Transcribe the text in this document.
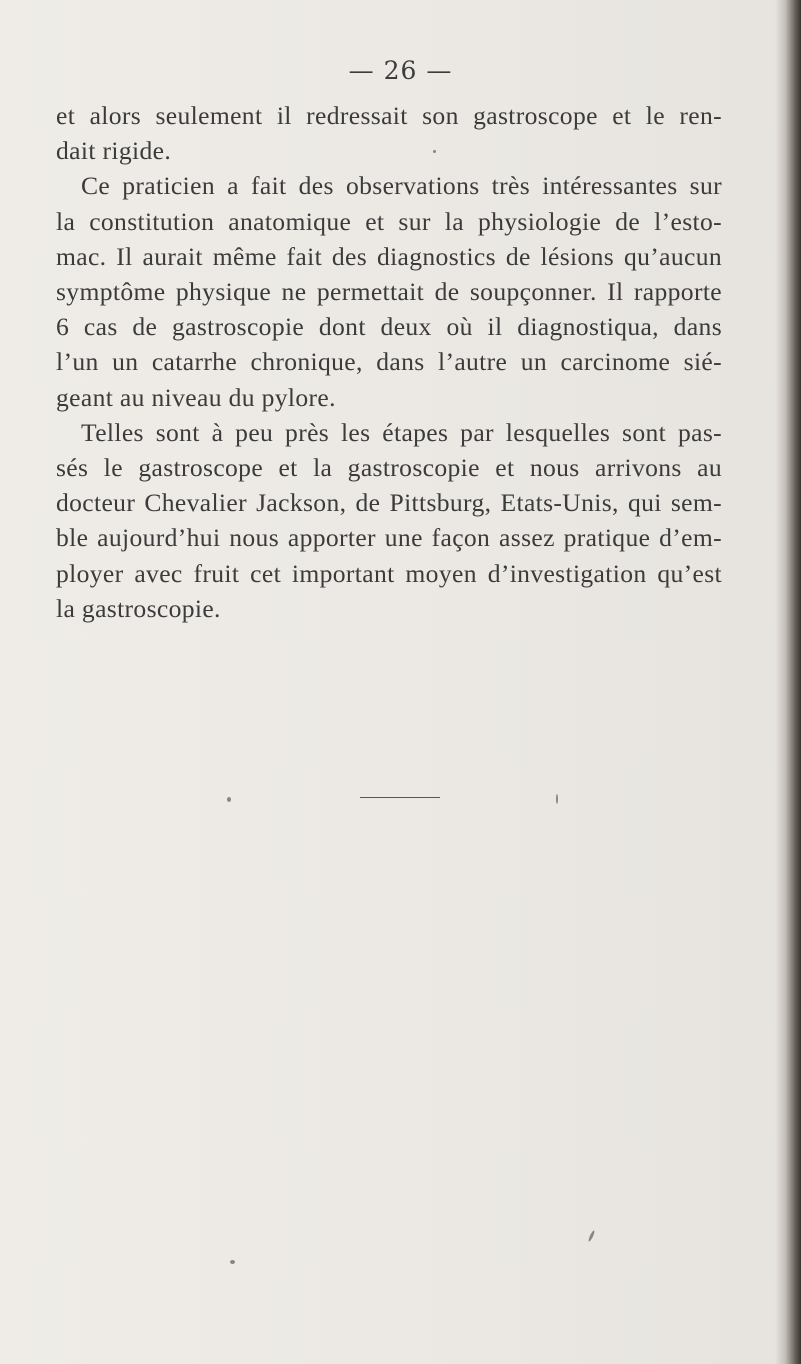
— 26 —
et alors seulement il redressait son gastroscope et le ren-
dait rigide.
Ce praticien a fait des observations très intéressantes sur
la constitution anatomique et sur la physiologie de l’esto-
mac. Il aurait même fait des diagnostics de lésions qu’aucun
symptôme physique ne permettait de soupçonner. Il rapporte
6 cas de gastroscopie dont deux où il diagnostiqua, dans
l’un un catarrhe chronique, dans l’autre un carcinome sié-
geant au niveau du pylore.
Telles sont à peu près les étapes par lesquelles sont pas-
sés le gastroscope et la gastroscopie et nous arrivons au
docteur Chevalier Jackson, de Pittsburg, Etats-Unis, qui sem-
ble aujourd’hui nous apporter une façon assez pratique d’em-
ployer avec fruit cet important moyen d’investigation qu’est
la gastroscopie.
